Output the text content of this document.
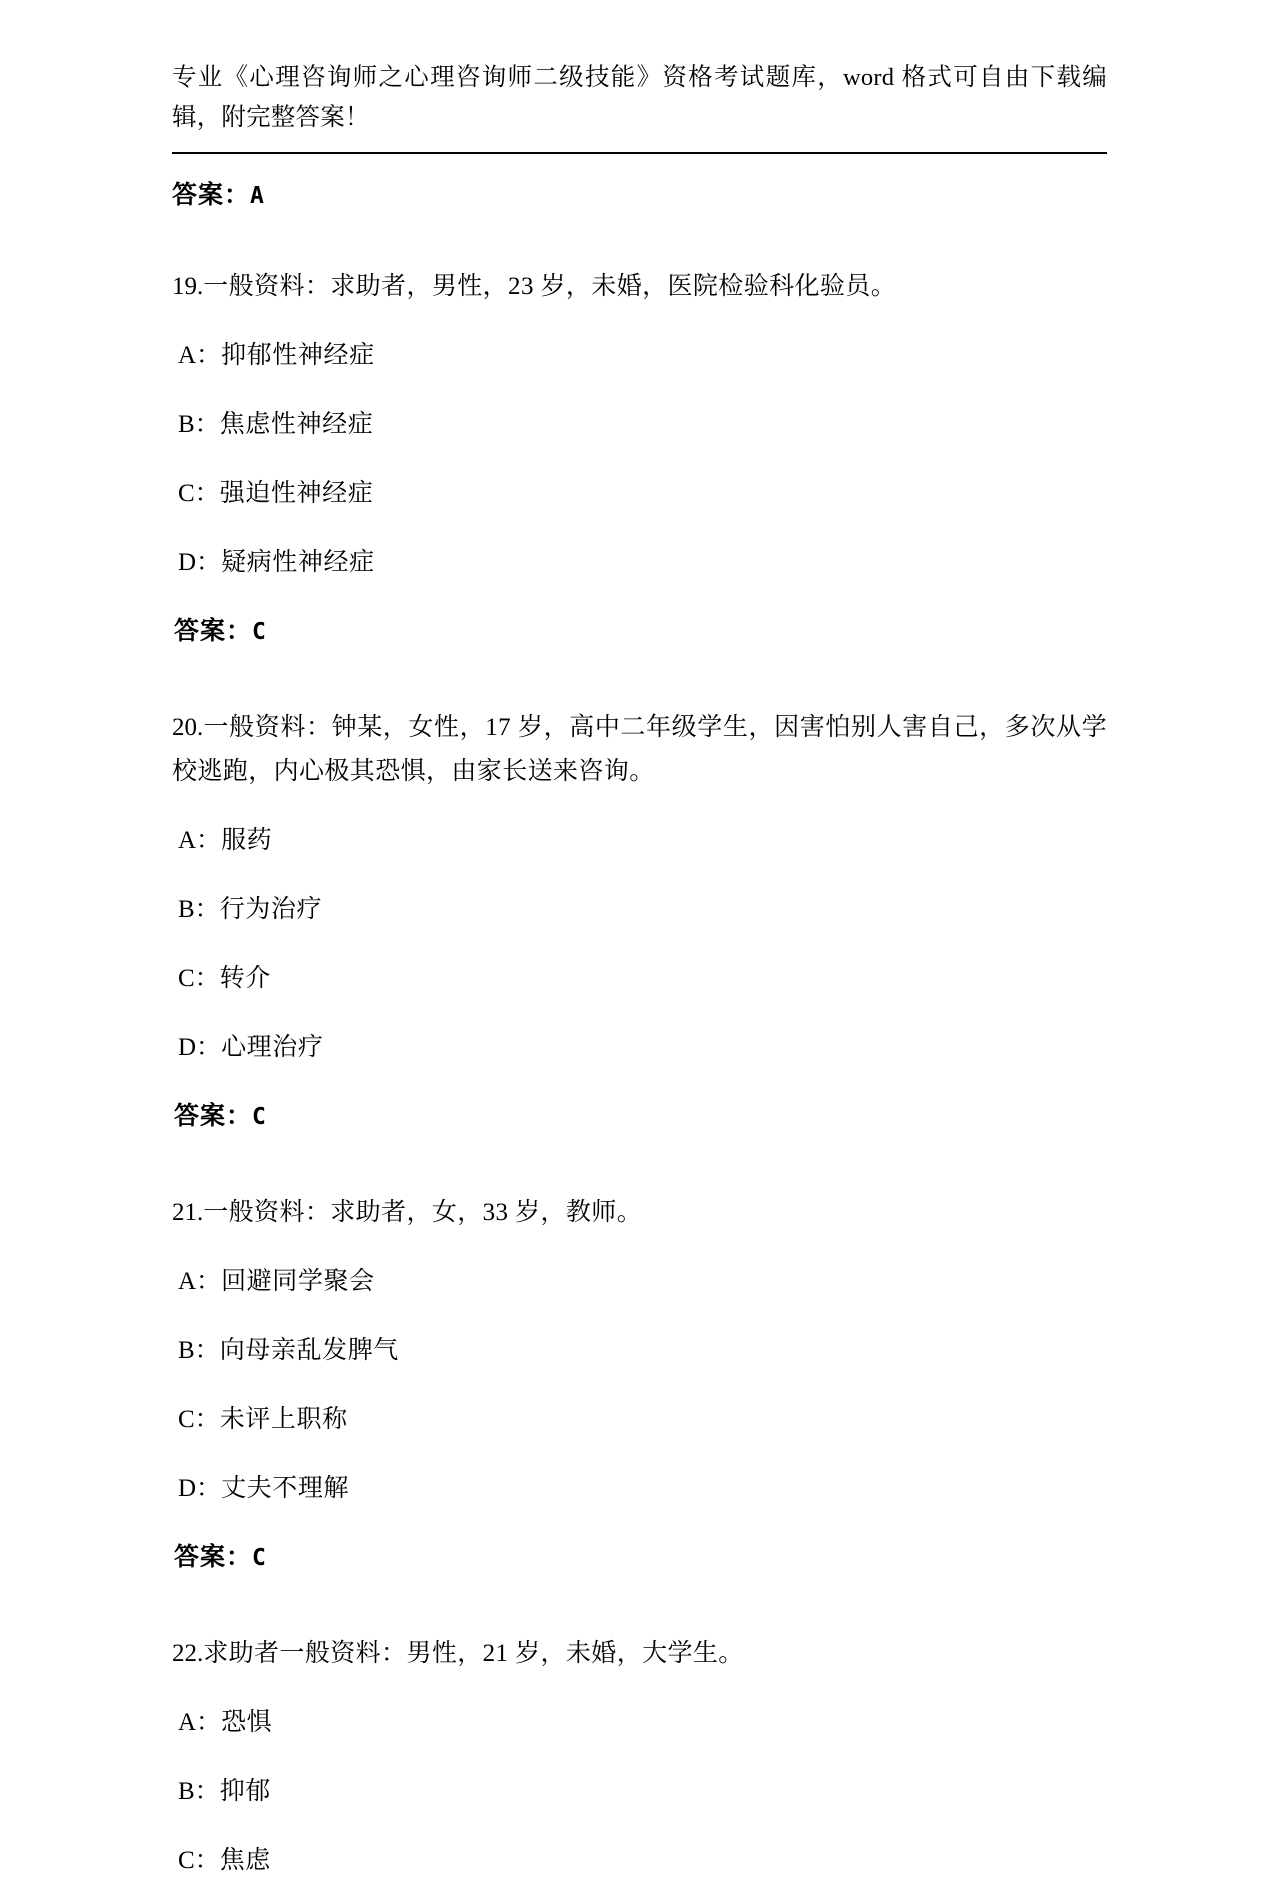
专业《心理咨询师之心理咨询师二级技能》资格考试题库，word 格式可自由下载编辑，附完整答案！

答案：A

19.一般资料：求助者，男性，23 岁，未婚，医院检验科化验员。

A：抑郁性神经症

B：焦虑性神经症

C：强迫性神经症

D：疑病性神经症

答案：C

20.一般资料：钟某，女性，17 岁，高中二年级学生，因害怕别人害自己，多次从学校逃跑，内心极其恐惧，由家长送来咨询。

A：服药

B：行为治疗

C：转介

D：心理治疗

答案：C

21.一般资料：求助者，女，33 岁，教师。

A：回避同学聚会

B：向母亲乱发脾气

C：未评上职称

D：丈夫不理解

答案：C

22.求助者一般资料：男性，21 岁，未婚，大学生。

A：恐惧

B：抑郁

C：焦虑
